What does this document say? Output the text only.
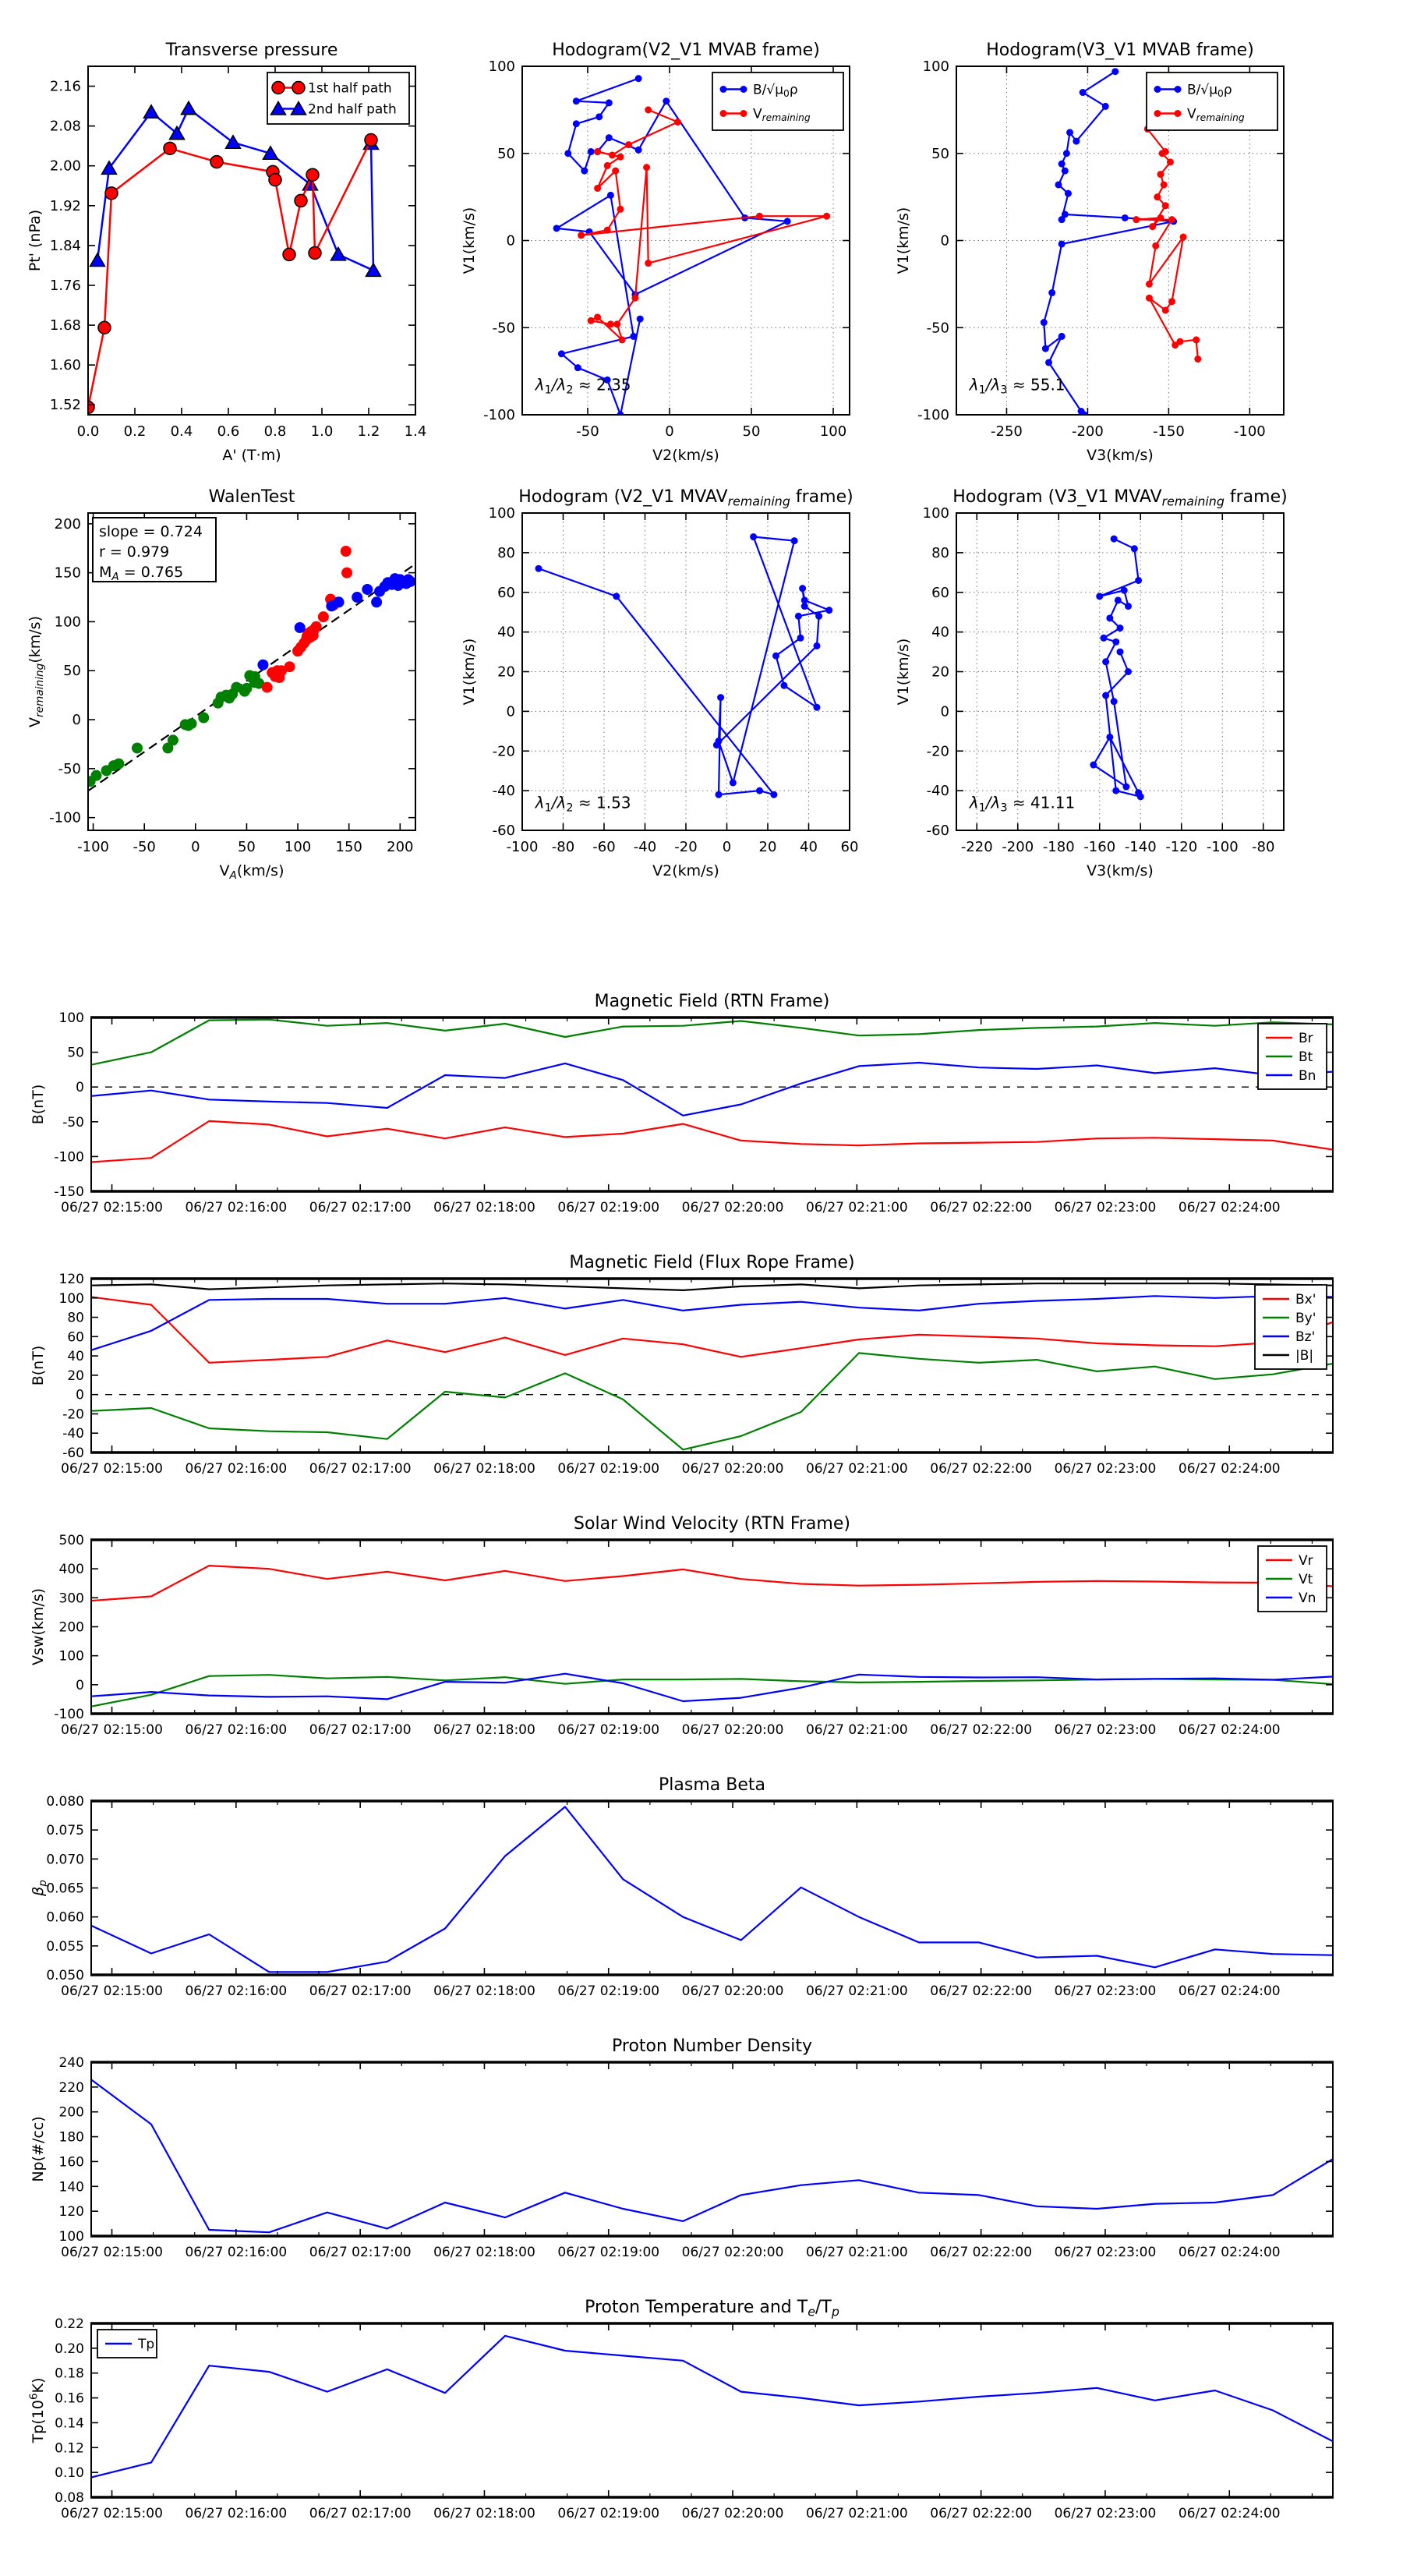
0.0 0.2 0.4 0.6 0.8 1.0 1.2 1.4
1.52
1.60
1.68
1.76
1.84
1.92
2.00
2.08
2.16
Transverse pressure
A' (T·m)
Pt' (nPa)
1st half path
2nd half path
-50	0	50	100
-100
-50
0
50
100
Hodogram(V2_V1 MVAB frame)
V2(km/s)
V1(km/s)
$\lambda_1/\lambda_2 \approx 2.35$
$B/√\mu_0\rho$
$V_{remaining}$
-250	-200	-150	-100
-100
-50
0
50
100
Hodogram(V3_V1 MVAB frame)
V3(km/s)
V1(km/s)
$\lambda_1/\lambda_3 \approx 55.1$
$B/√\mu_0\rho$
$V_{remaining}$
-100 -50	0	50 100 150 200
-100
-50
0
50
100
150
200
WalenTest
$V_A(km/s)$
$V_{remaining}(km/s)$
slope = 0.724
r = 0.979
$M_A = 0.765$
-100 -80 -60 -40 -20 0 20 40 60
-60
-40
-20
0
20
40
60
80
100
Hodogram (V2_V1 $MVAV_{remaining}$ frame)
V2(km/s)
V1(km/s)
$\lambda_1/\lambda_2 \approx 1.53$
-220 -200 -180 -160 -140 -120 -100 -80
-60
-40
-20
0
20
40
60
80
100
Hodogram (V3_V1 $MVAV_{remaining}$ frame)
V3(km/s)
V1(km/s)
$\lambda_1/\lambda_3 \approx 41.11$
06/27 02:15:00 06/27 02:16:00 06/27 02:17:00 06/27 02:18:00 06/27 02:19:00 06/27 02:20:00 06/27 02:21:00 06/27 02:22:00 06/27 02:23:00 06/27 02:24:00
-150
-100
-50
0
50
100
Magnetic Field (RTN Frame)
B(nT)
Br
Bt
Bn
06/27 02:15:00 06/27 02:16:00 06/27 02:17:00 06/27 02:18:00 06/27 02:19:00 06/27 02:20:00 06/27 02:21:00 06/27 02:22:00 06/27 02:23:00 06/27 02:24:00
-60
-40
-20
0
20
40
60
80
100
120
Magnetic Field (Flux Rope Frame)
B(nT)
Bx'
By'
Bz'
|B|
06/27 02:15:00 06/27 02:16:00 06/27 02:17:00 06/27 02:18:00 06/27 02:19:00 06/27 02:20:00 06/27 02:21:00 06/27 02:22:00 06/27 02:23:00 06/27 02:24:00
-100
0
100
200
300
400
500
Solar Wind Velocity (RTN Frame)
Vsw(km/s)
Vr
Vt
Vn
06/27 02:15:00 06/27 02:16:00 06/27 02:17:00 06/27 02:18:00 06/27 02:19:00 06/27 02:20:00 06/27 02:21:00 06/27 02:22:00 06/27 02:23:00 06/27 02:24:00
0.050
0.055
0.060
0.065
0.070
0.075
0.080
Plasma Beta
$\beta_p$
06/27 02:15:00 06/27 02:16:00 06/27 02:17:00 06/27 02:18:00 06/27 02:19:00 06/27 02:20:00 06/27 02:21:00 06/27 02:22:00 06/27 02:23:00 06/27 02:24:00
100
120
140
160
180
200
220
240
Proton Number Density
Np(#/cc)
06/27 02:15:00 06/27 02:16:00 06/27 02:17:00 06/27 02:18:00 06/27 02:19:00 06/27 02:20:00 06/27 02:21:00 06/27 02:22:00 06/27 02:23:00 06/27 02:24:00
0.08
0.10
0.12
0.14
0.16
0.18
0.20
0.22
Proton Temperature and $T_e/T_p$
$Tp(10^6K)$
Tp
